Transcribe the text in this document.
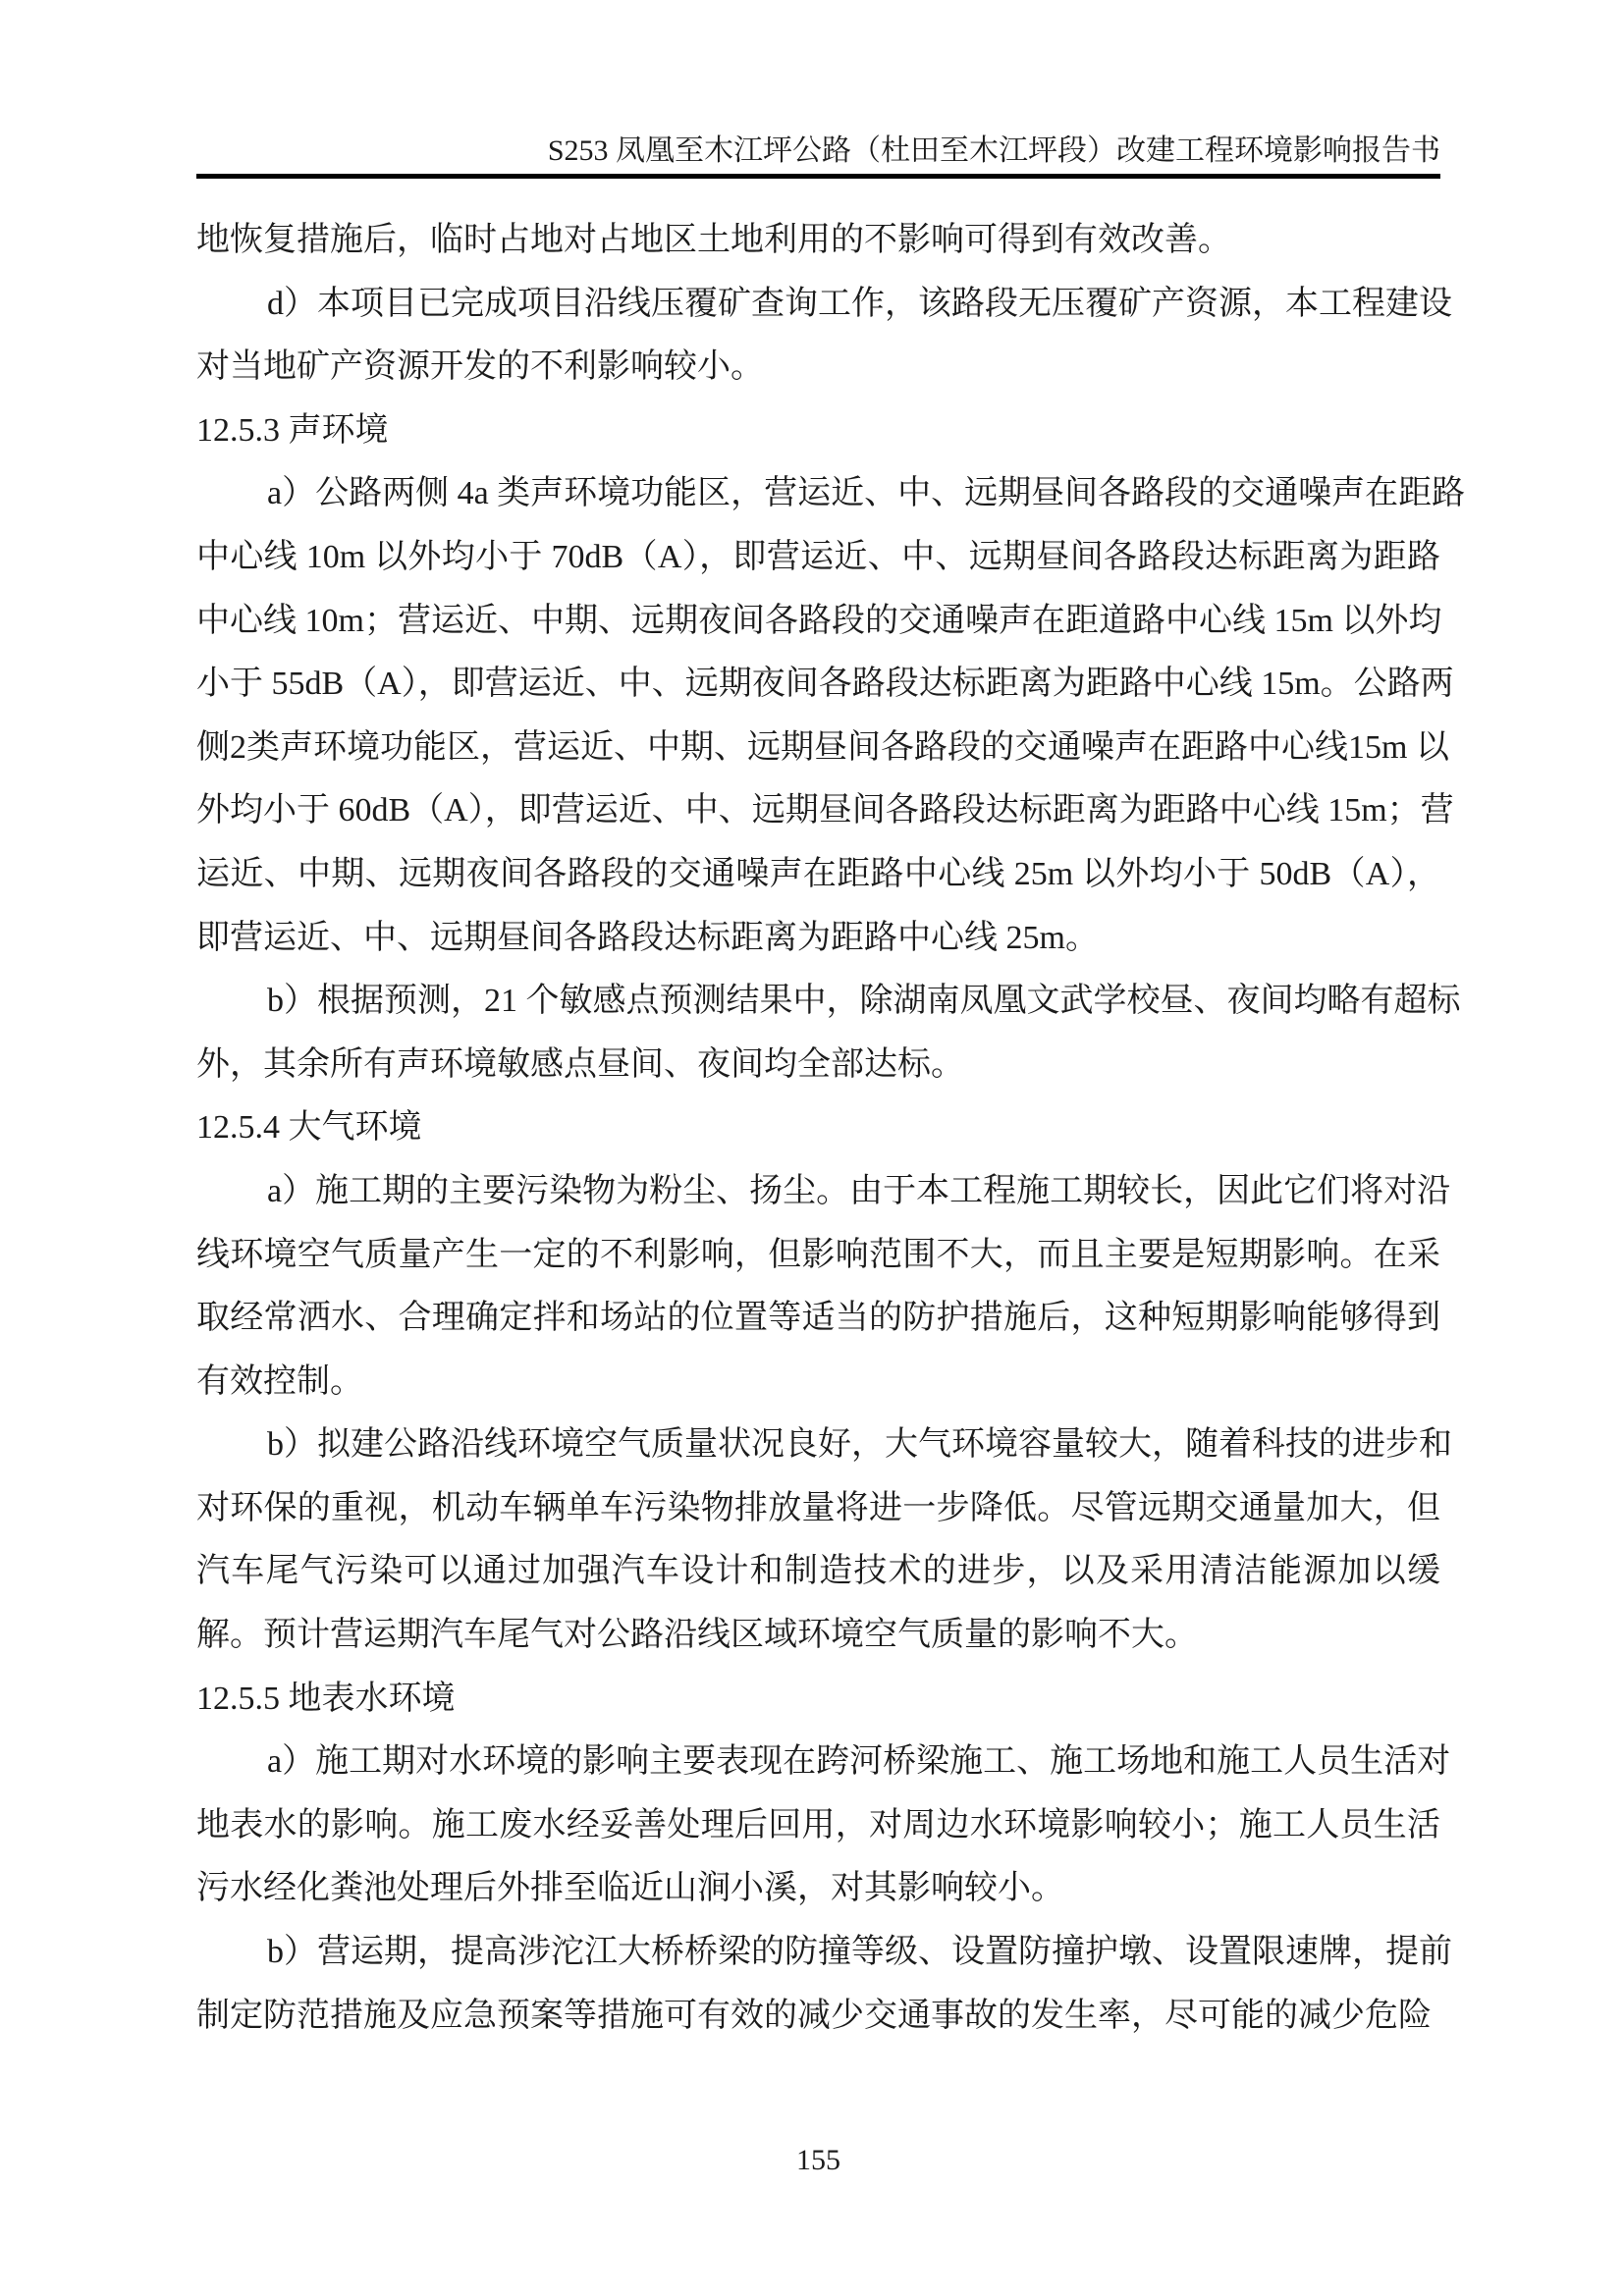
S253 凤凰至木江坪公路（杜田至木江坪段）改建工程环境影响报告书
地恢复措施后，临时占地对占地区土地利用的不影响可得到有效改善。
d）本项目已完成项目沿线压覆矿查询工作，该路段无压覆矿产资源，本工程建设
对当地矿产资源开发的不利影响较小。
12.5.3 声环境
a）公路两侧 4a 类声环境功能区，营运近、中、远期昼间各路段的交通噪声在距路
中心线 10m 以外均小于 70dB（A），即营运近、中、远期昼间各路段达标距离为距路
中心线 10m；营运近、中期、远期夜间各路段的交通噪声在距道路中心线 15m 以外均
小于 55dB（A），即营运近、中、远期夜间各路段达标距离为距路中心线 15m。公路两
侧2类声环境功能区，营运近、中期、远期昼间各路段的交通噪声在距路中心线15m 以
外均小于 60dB（A），即营运近、中、远期昼间各路段达标距离为距路中心线 15m；营
运近、中期、远期夜间各路段的交通噪声在距路中心线 25m 以外均小于 50dB（A），
即营运近、中、远期昼间各路段达标距离为距路中心线 25m。
b）根据预测，21 个敏感点预测结果中，除湖南凤凰文武学校昼、夜间均略有超标
外，其余所有声环境敏感点昼间、夜间均全部达标。
12.5.4 大气环境
a）施工期的主要污染物为粉尘、扬尘。由于本工程施工期较长，因此它们将对沿
线环境空气质量产生一定的不利影响，但影响范围不大，而且主要是短期影响。在采
取经常洒水、合理确定拌和场站的位置等适当的防护措施后，这种短期影响能够得到
有效控制。
b）拟建公路沿线环境空气质量状况良好，大气环境容量较大，随着科技的进步和
对环保的重视，机动车辆单车污染物排放量将进一步降低。尽管远期交通量加大，但
汽车尾气污染可以通过加强汽车设计和制造技术的进步，以及采用清洁能源加以缓
解。预计营运期汽车尾气对公路沿线区域环境空气质量的影响不大。
12.5.5 地表水环境
a）施工期对水环境的影响主要表现在跨河桥梁施工、施工场地和施工人员生活对
地表水的影响。施工废水经妥善处理后回用，对周边水环境影响较小；施工人员生活
污水经化粪池处理后外排至临近山涧小溪，对其影响较小。
b）营运期，提高涉沱江大桥桥梁的防撞等级、设置防撞护墩、设置限速牌，提前
制定防范措施及应急预案等措施可有效的减少交通事故的发生率，尽可能的减少危险
155
